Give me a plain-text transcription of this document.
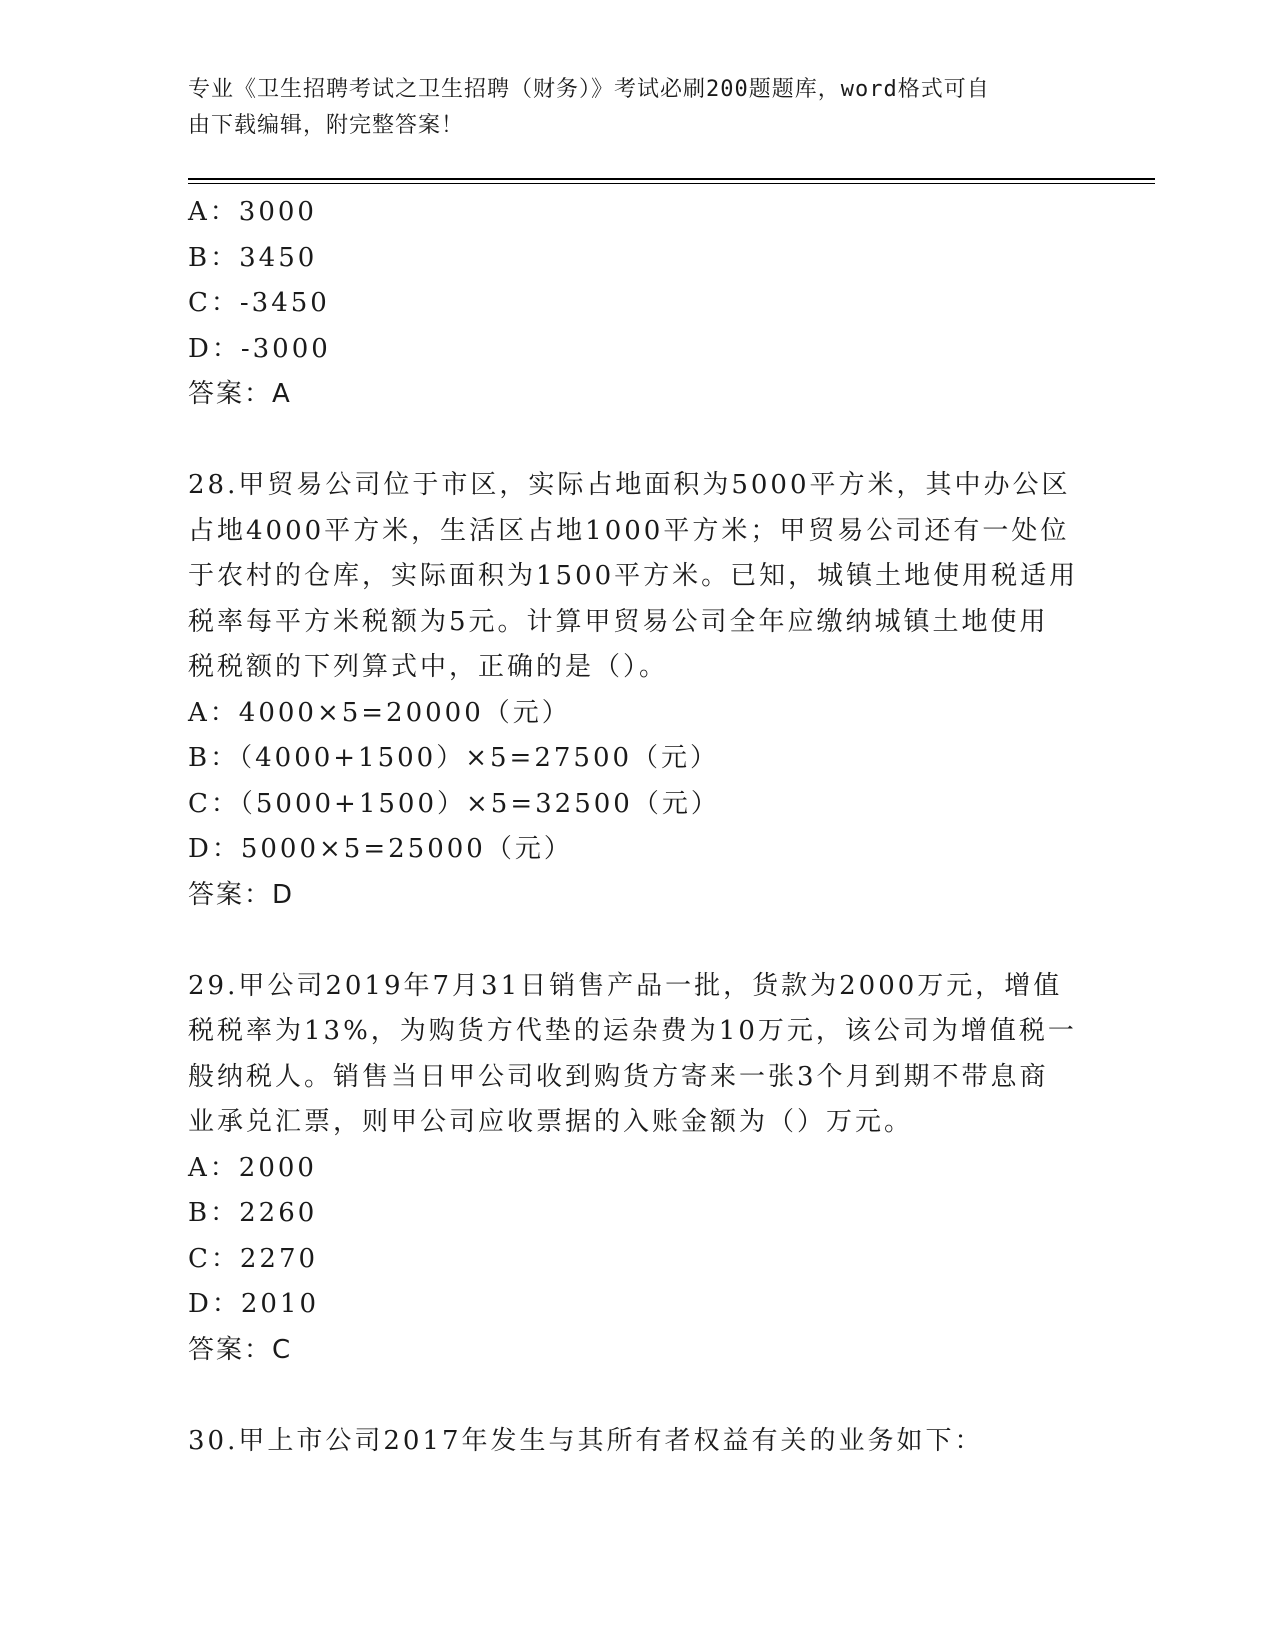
专业《卫生招聘考试之卫生招聘（财务）》考试必刷200题题库，word格式可自
由下载编辑，附完整答案！
A：3000
B：3450
C：-3450
D：-3000
答案：A
28.甲贸易公司位于市区，实际占地面积为5000平方米，其中办公区
占地4000平方米，生活区占地1000平方米；甲贸易公司还有一处位
于农村的仓库，实际面积为1500平方米。已知，城镇土地使用税适用
税率每平方米税额为5元。计算甲贸易公司全年应缴纳城镇土地使用
税税额的下列算式中，正确的是（）。
A：4000×5=20000（元）
B：（4000+1500）×5=27500（元）
C：（5000+1500）×5=32500（元）
D：5000×5=25000（元）
答案：D
29.甲公司2019年7月31日销售产品一批，货款为2000万元，增值
税税率为13%，为购货方代垫的运杂费为10万元，该公司为增值税一
般纳税人。销售当日甲公司收到购货方寄来一张3个月到期不带息商
业承兑汇票，则甲公司应收票据的入账金额为（）万元。
A：2000
B：2260
C：2270
D：2010
答案：C
30.甲上市公司2017年发生与其所有者权益有关的业务如下：
